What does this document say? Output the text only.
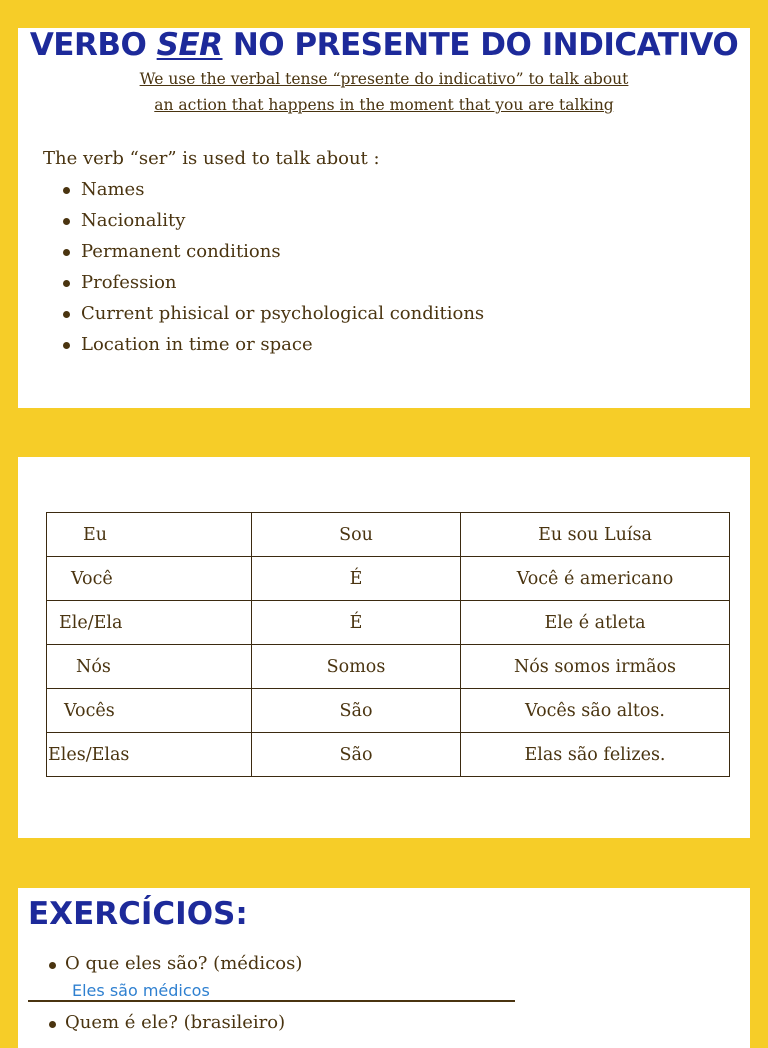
VERBO SER NO PRESENTE DO INDICATIVO
We use the verbal tense “presente do indicativo” to talk about
an action that happens in the moment that you are talking
The verb “ser” is used to talk about :
Names
Nacionality
Permanent conditions
Profession
Current phisical or psychological conditions
Location in time or space
Eu	Sou	Eu sou Luísa
Você	É	Você é americano
Ele/Ela	É	Ele é atleta
Nós	Somos	Nós somos irmãos
Vocês	São	Vocês são altos.
Eles/Elas	São	Elas são felizes.
EXERCÍCIOS:
O que eles são? (médicos)
Eles são médicos
Quem é ele? (brasileiro)
